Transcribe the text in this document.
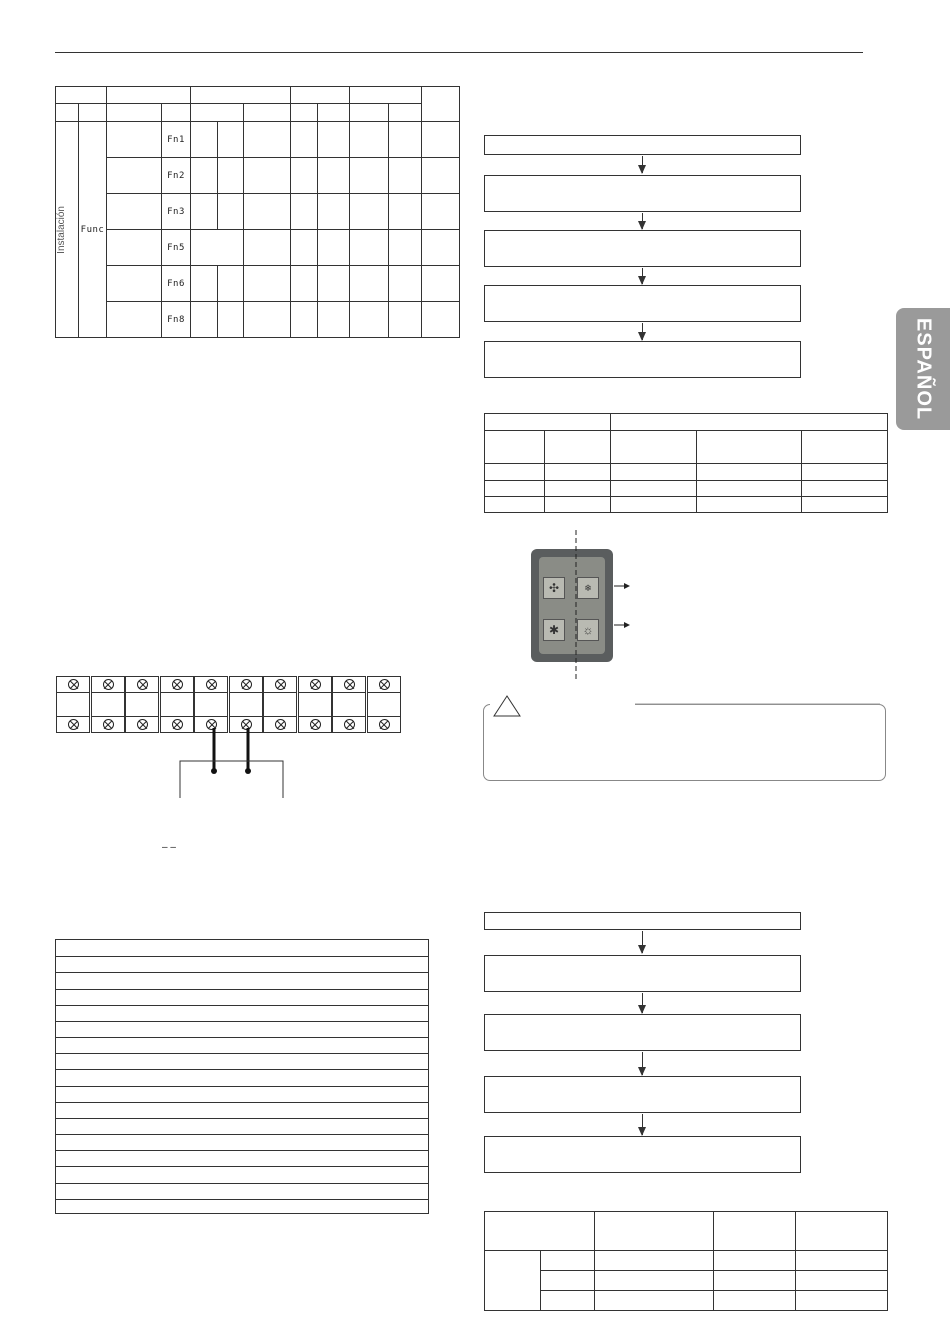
ESPAÑOL

Instalación	Func		Fn1								
			Fn2								
			Fn3								
			Fn5								
			Fn6								
			Fn8								
– –

✣	❄
✱	☼
